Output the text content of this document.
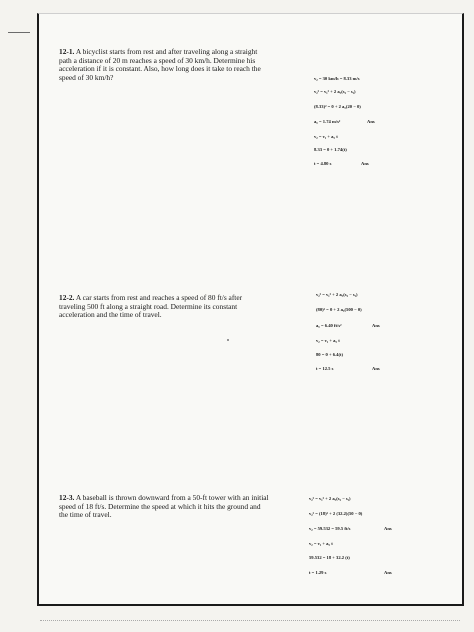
12-1. A bicyclist starts from rest and after traveling along a straight path a distance of 20 m reaches a speed of 30 km/h. Determine his acceleration if it is constant. Also, how long does it take to reach the speed of 30 km/h?	v₂ = 30 km/h = 8.33 m/s
v₂² = v₁² + 2 a꜀(s₂ − s₁)
(8.33)² = 0 + 2 a꜀(20 − 0)
a꜀ = 1.74 m/s²
v₂ = v₁ + a꜀ t
8.33 = 0 + 1.74(t)
t = 4.80 s
Ans
Ans
12-2. A car starts from rest and reaches a speed of 80 ft/s after traveling 500 ft along a straight road. Determine its constant acceleration and the time of travel.
v₂² = v₁² + 2 a꜀(s₂ − s₁)
(80)² = 0 + 2 a꜀(500 − 0)
a꜀ = 6.40 ft/s²
v₂ = v₁ + a꜀ t
80 = 0 + 6.4(t)
t = 12.5 s
Ans
Ans
12-3. A baseball is thrown downward from a 50-ft tower with an initial speed of 18 ft/s. Determine the speed at which it hits the ground and the time of travel.
v₂² = v₁² + 2 a꜀(s₂ − s₁)
v₂² = (18)² + 2 (32.2)(50 − 0)
v₂ = 59.532 = 59.5 ft/s
v₂ = v₁ + a꜀ t
59.532 = 18 + 32.2 (t)
t = 1.29 s
Ans
Ans
